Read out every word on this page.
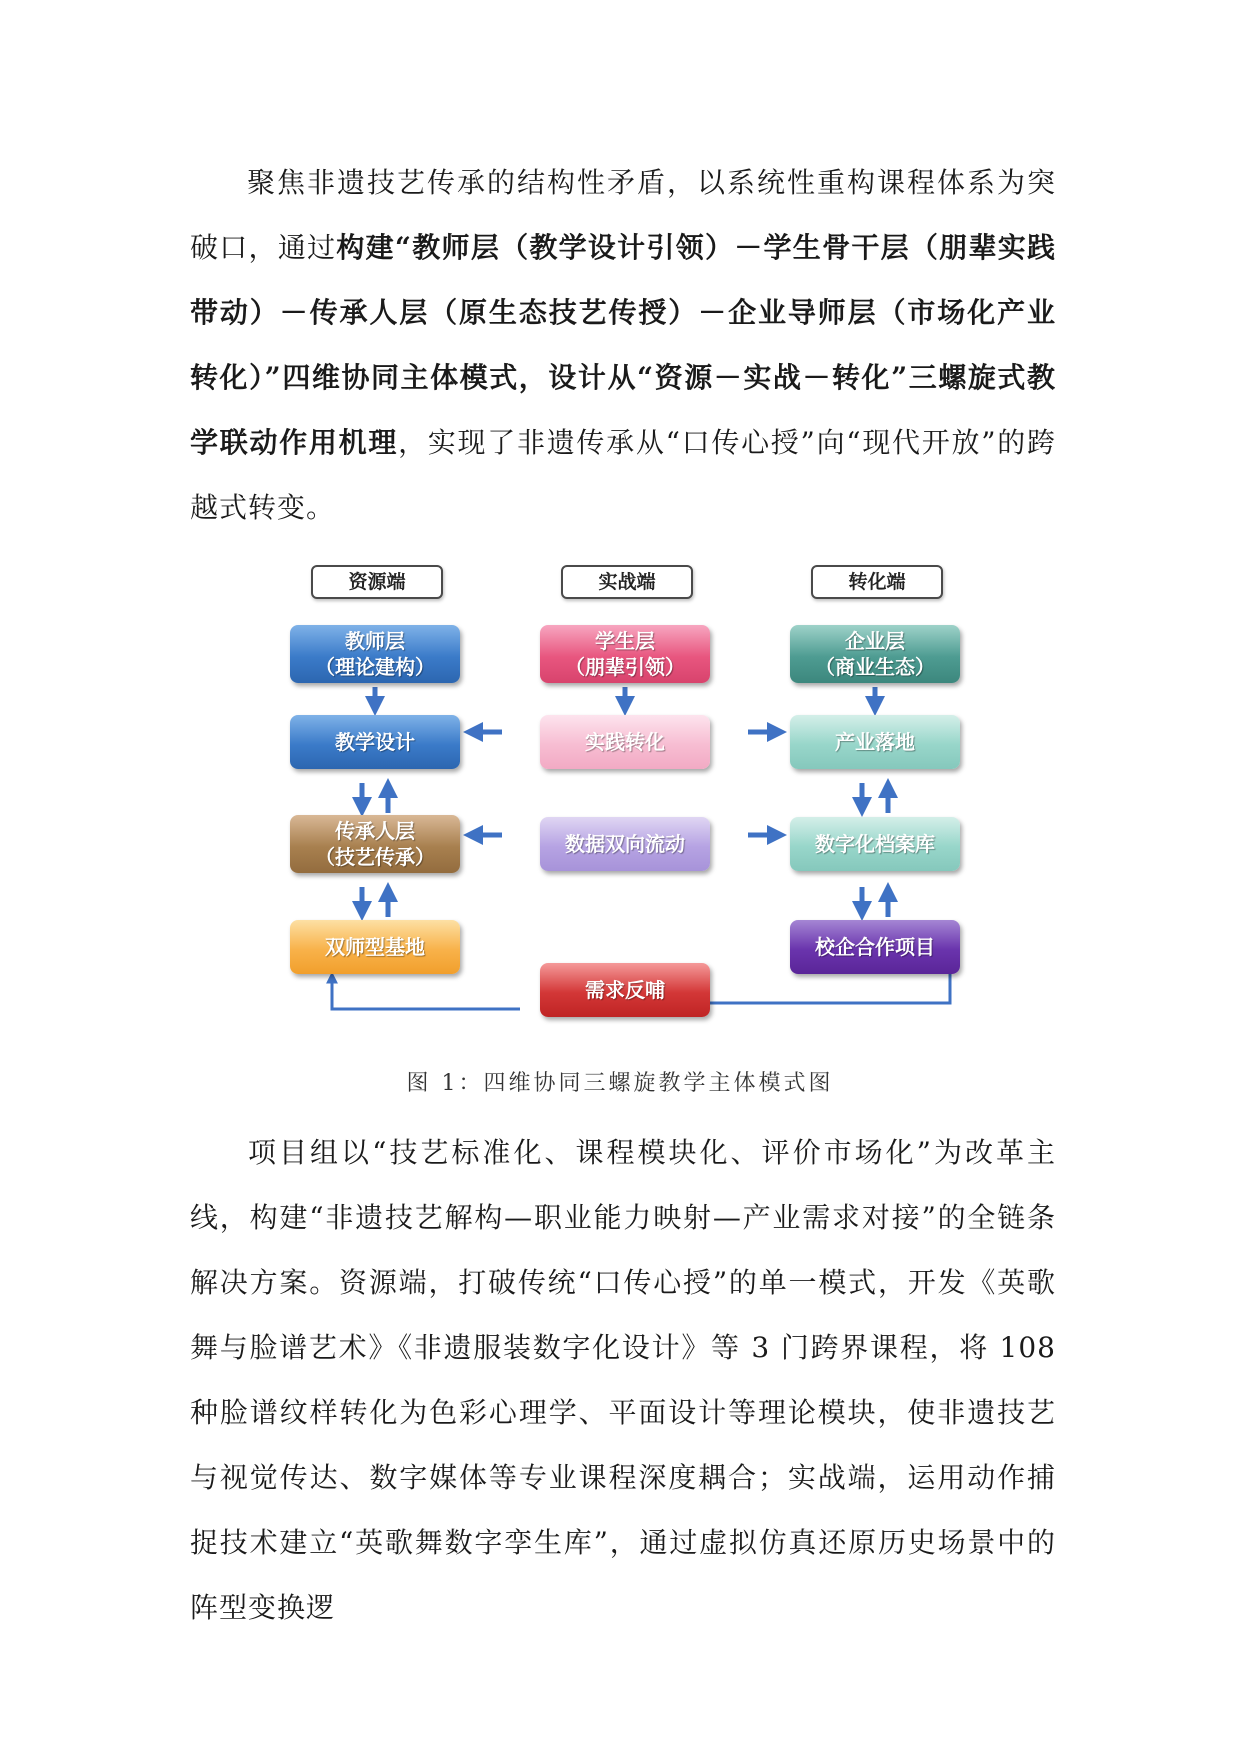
聚焦非遗技艺传承的结构性矛盾，以系统性重构课程体系为突破口，通过构建“教师层（教学设计引领）－学生骨干层（朋辈实践带动）－传承人层（原生态技艺传授）－企业导师层（市场化产业转化）”四维协同主体模式，设计从“资源－实战－转化”三螺旋式教学联动作用机理，实现了非遗传承从“口传心授”向“现代开放”的跨越式转变。

资源端	实战端	转化端
教师层
（理论建构）
学生层
（朋辈引领）
企业层
（商业生态）
教学设计	实践转化	产业落地
传承人层
（技艺传承）
数据双向流动	数字化档案库
双师型基地	校企合作项目
需求反哺
图 1：四维协同三螺旋教学主体模式图

项目组以“技艺标准化、课程模块化、评价市场化”为改革主线，构建“非遗技艺解构—职业能力映射—产业需求对接”的全链条解决方案。资源端，打破传统“口传心授”的单一模式，开发《英歌舞与脸谱艺术》《非遗服装数字化设计》等 3 门跨界课程，将 108 种脸谱纹样转化为色彩心理学、平面设计等理论模块，使非遗技艺与视觉传达、数字媒体等专业课程深度耦合；实战端，运用动作捕捉技术建立“英歌舞数字孪生库”，通过虚拟仿真还原历史场景中的阵型变换逻
